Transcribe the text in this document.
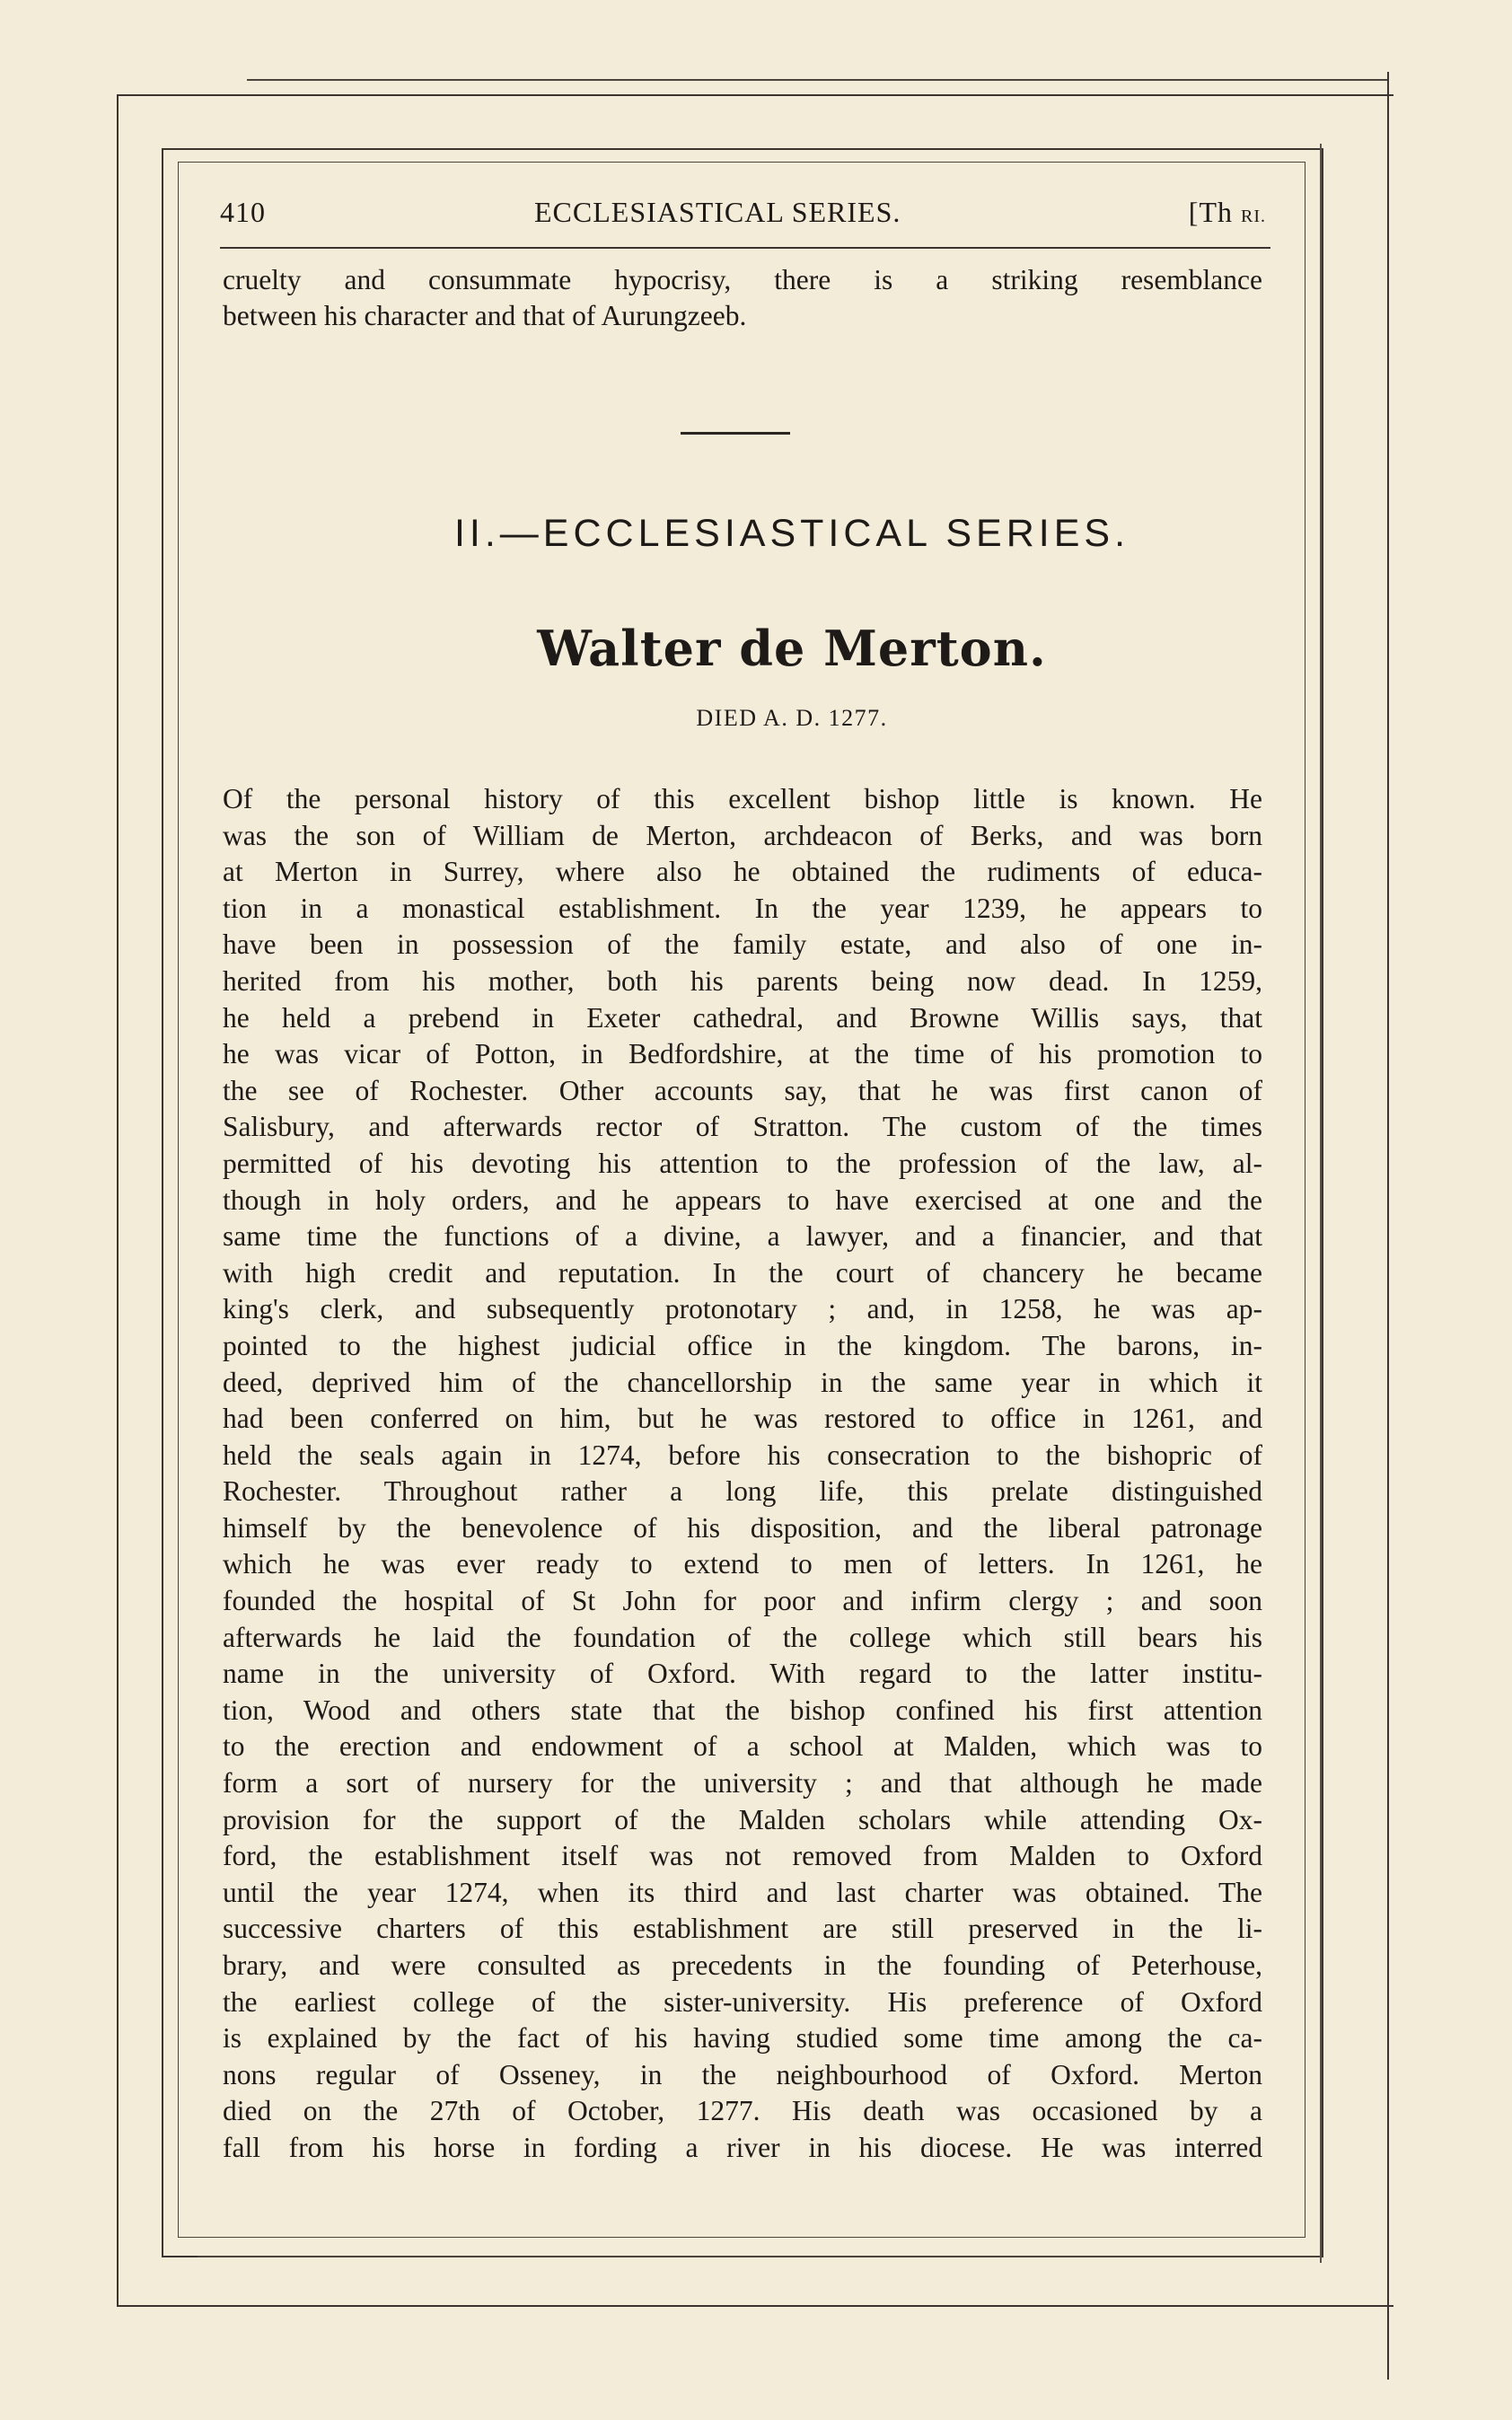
410	ECCLESIASTICAL SERIES.	[Th RI.
cruelty and consummate hypocrisy, there is a striking resemblance
between his character and that of Aurungzeeb.
II.—ECCLESIASTICAL SERIES.
Walter de Merton.
DIED A. D. 1277.
Of the personal history of this excellent bishop little is known. He
was the son of William de Merton, archdeacon of Berks, and was born
at Merton in Surrey, where also he obtained the rudiments of educa-
tion in a monastical establishment. In the year 1239, he appears to
have been in possession of the family estate, and also of one in-
herited from his mother, both his parents being now dead. In 1259,
he held a prebend in Exeter cathedral, and Browne Willis says, that
he was vicar of Potton, in Bedfordshire, at the time of his promotion to
the see of Rochester. Other accounts say, that he was first canon of
Salisbury, and afterwards rector of Stratton. The custom of the times
permitted of his devoting his attention to the profession of the law, al-
though in holy orders, and he appears to have exercised at one and the
same time the functions of a divine, a lawyer, and a financier, and that
with high credit and reputation. In the court of chancery he became
king's clerk, and subsequently protonotary ; and, in 1258, he was ap-
pointed to the highest judicial office in the kingdom. The barons, in-
deed, deprived him of the chancellorship in the same year in which it
had been conferred on him, but he was restored to office in 1261, and
held the seals again in 1274, before his consecration to the bishopric of
Rochester. Throughout rather a long life, this prelate distinguished
himself by the benevolence of his disposition, and the liberal patronage
which he was ever ready to extend to men of letters. In 1261, he
founded the hospital of St John for poor and infirm clergy ; and soon
afterwards he laid the foundation of the college which still bears his
name in the university of Oxford. With regard to the latter institu-
tion, Wood and others state that the bishop confined his first attention
to the erection and endowment of a school at Malden, which was to
form a sort of nursery for the university ; and that although he made
provision for the support of the Malden scholars while attending Ox-
ford, the establishment itself was not removed from Malden to Oxford
until the year 1274, when its third and last charter was obtained. The
successive charters of this establishment are still preserved in the li-
brary, and were consulted as precedents in the founding of Peterhouse,
the earliest college of the sister-university. His preference of Oxford
is explained by the fact of his having studied some time among the ca-
nons regular of Osseney, in the neighbourhood of Oxford. Merton
died on the 27th of October, 1277. His death was occasioned by a
fall from his horse in fording a river in his diocese. He was interred
